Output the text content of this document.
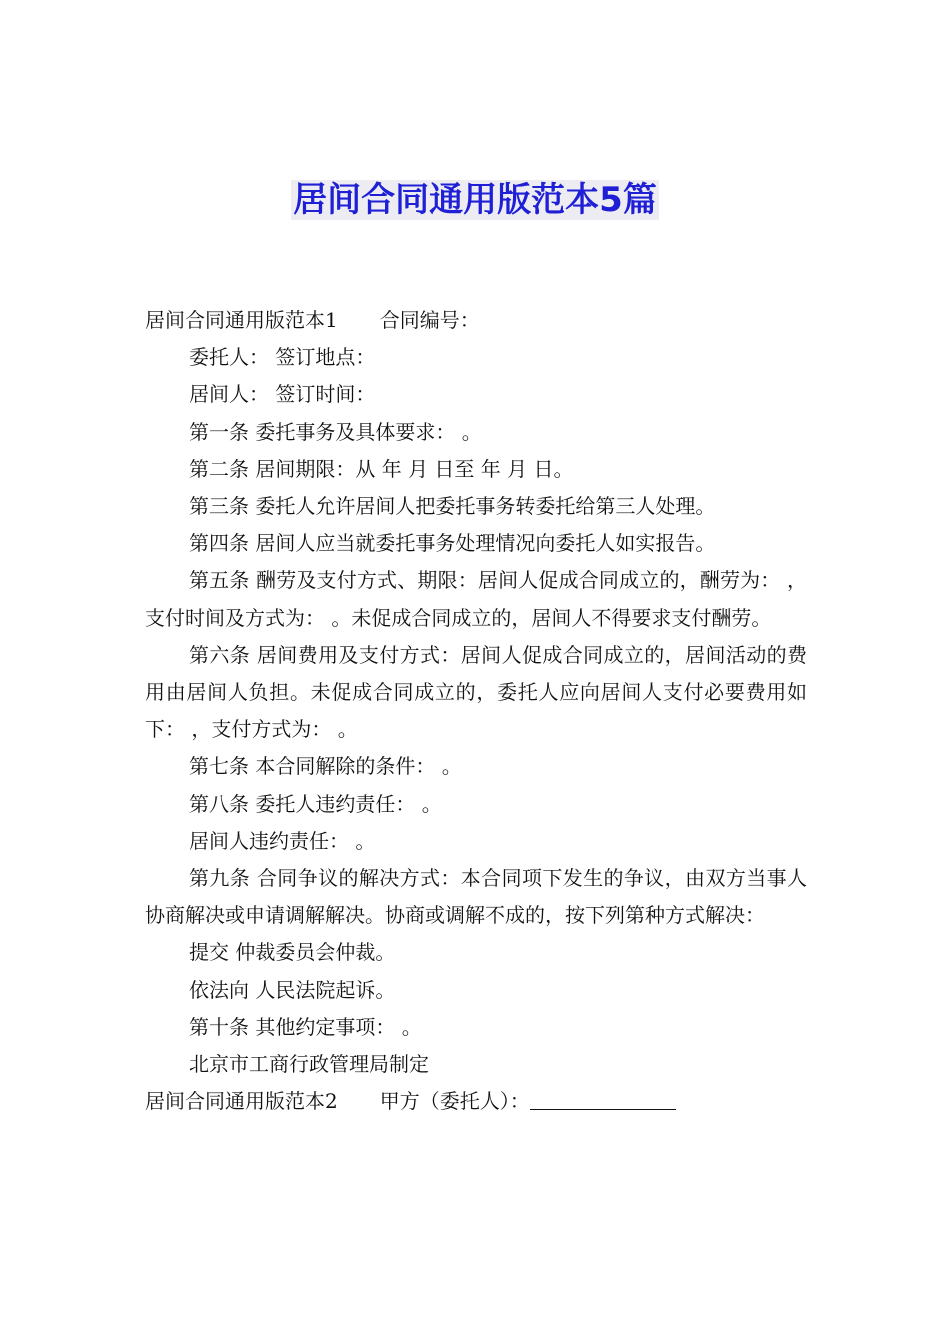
居间合同通用版范本5篇

居间合同通用版范本1 合同编号：

委托人： 签订地点：

居间人： 签订时间：

第一条 委托事务及具体要求： 。

第二条 居间期限：从 年 月 日至 年 月 日。

第三条 委托人允许居间人把委托事务转委托给第三人处理。

第四条 居间人应当就委托事务处理情况向委托人如实报告。

第五条 酬劳及支付方式、期限：居间人促成合同成立的，酬劳为： ，支付时间及方式为： 。未促成合同成立的，居间人不得要求支付酬劳。

第六条 居间费用及支付方式：居间人促成合同成立的，居间活动的费用由居间人负担。未促成合同成立的，委托人应向居间人支付必要费用如下： ，支付方式为： 。

第七条 本合同解除的条件： 。

第八条 委托人违约责任： 。

居间人违约责任： 。

第九条 合同争议的解决方式：本合同项下发生的争议，由双方当事人协商解决或申请调解解决。协商或调解不成的，按下列第种方式解决：

提交 仲裁委员会仲裁。

依法向 人民法院起诉。

第十条 其他约定事项： 。

北京市工商行政管理局制定

居间合同通用版范本2 甲方（委托人）：
